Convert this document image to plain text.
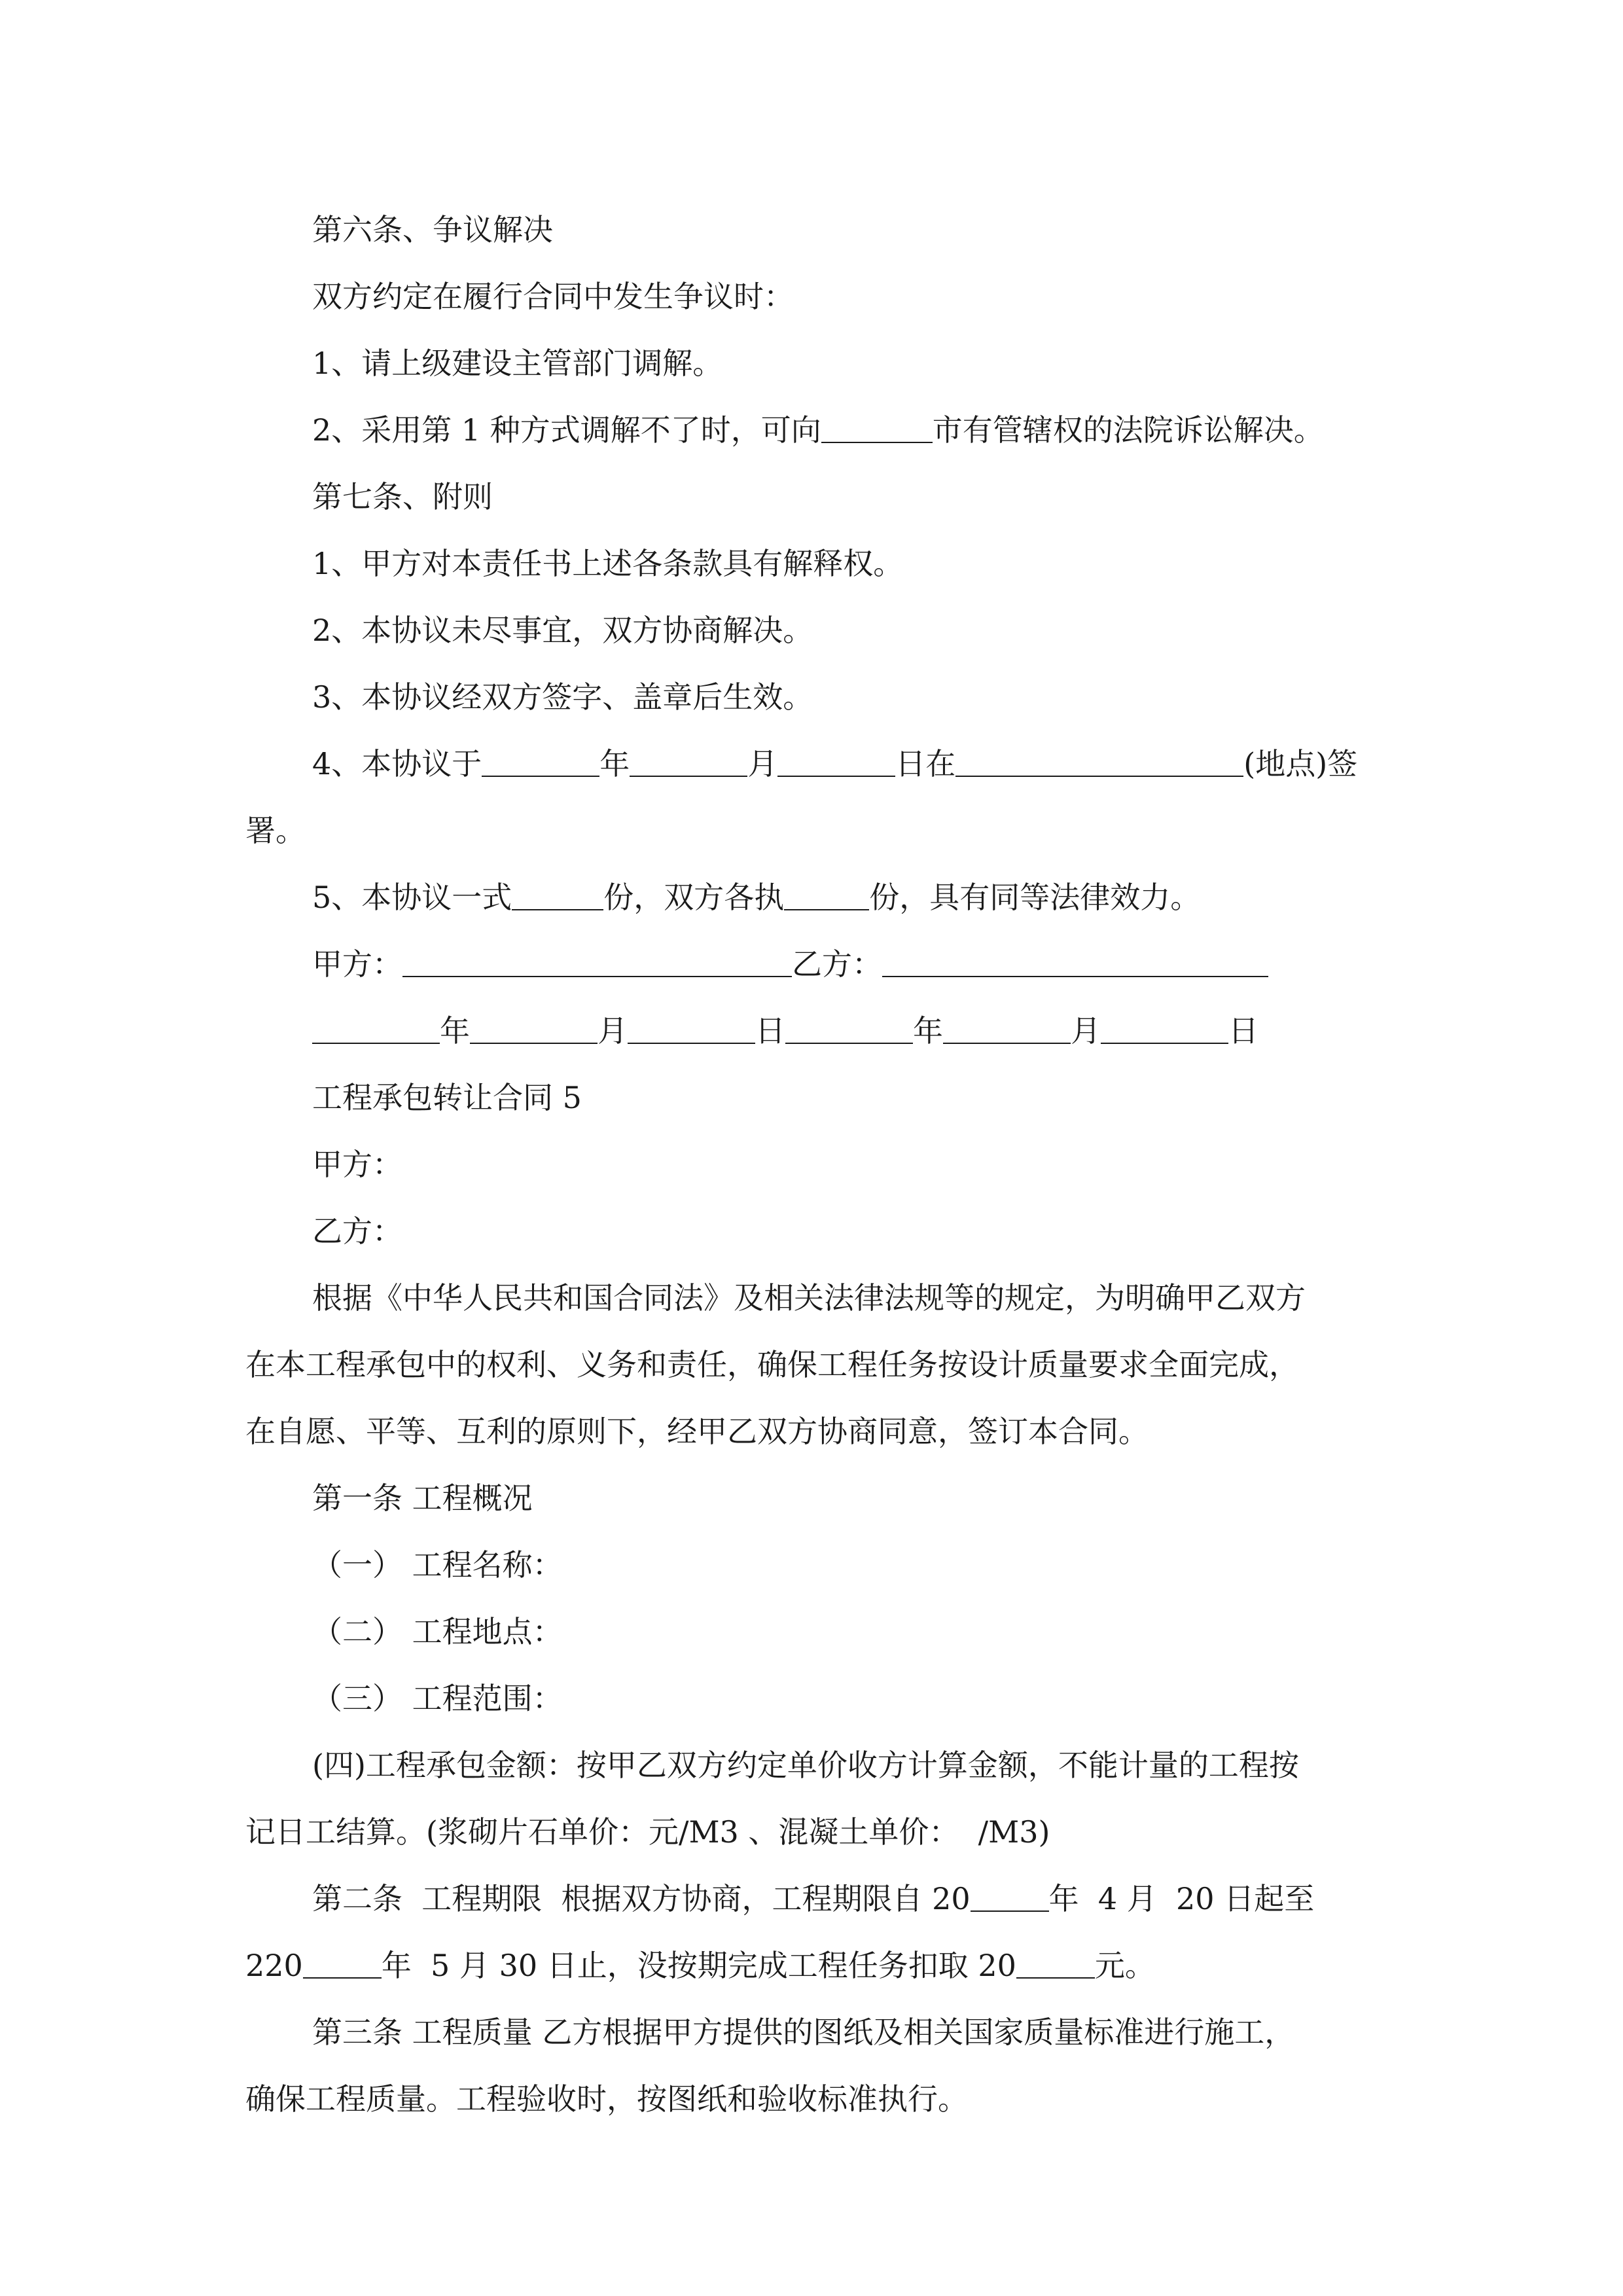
第六条、争议解决
双方约定在履行合同中发生争议时：
1、请上级建设主管部门调解。
2、采用第 1 种方式调解不了时，可向	市有管辖权的法院诉讼解决。
第七条、附则
1、甲方对本责任书上述各条款具有解释权。
2、本协议未尽事宜，双方协商解决。
3、本协议经双方签字、盖章后生效。
4、本协议于	年	月	日在	(地点)签
署。
5、本协议一式	份，双方各执	份，具有同等法律效力。
甲方：	乙方：
年	月	日	年	月	日
工程承包转让合同 5
甲方：
乙方：
根据《中华人民共和国合同法》及相关法律法规等的规定，为明确甲乙双方
在本工程承包中的权利、义务和责任，确保工程任务按设计质量要求全面完成，
在自愿、平等、互利的原则下，经甲乙双方协商同意，签订本合同。
第一条 工程概况
（一） 工程名称：
（二） 工程地点：
（三） 工程范围：
(四)工程承包金额：按甲乙双方约定单价收方计算金额，不能计量的工程按
记日工结算。(浆砌片石单价：元/M3 、混凝土单价：  /M3)
第二条  工程期限  根据双方协商，工程期限自 20	年  4 月  20 日起至
220	年  5 月 30 日止，没按期完成工程任务扣取 20	元。
第三条 工程质量 乙方根据甲方提供的图纸及相关国家质量标准进行施工，
确保工程质量。工程验收时，按图纸和验收标准执行。
